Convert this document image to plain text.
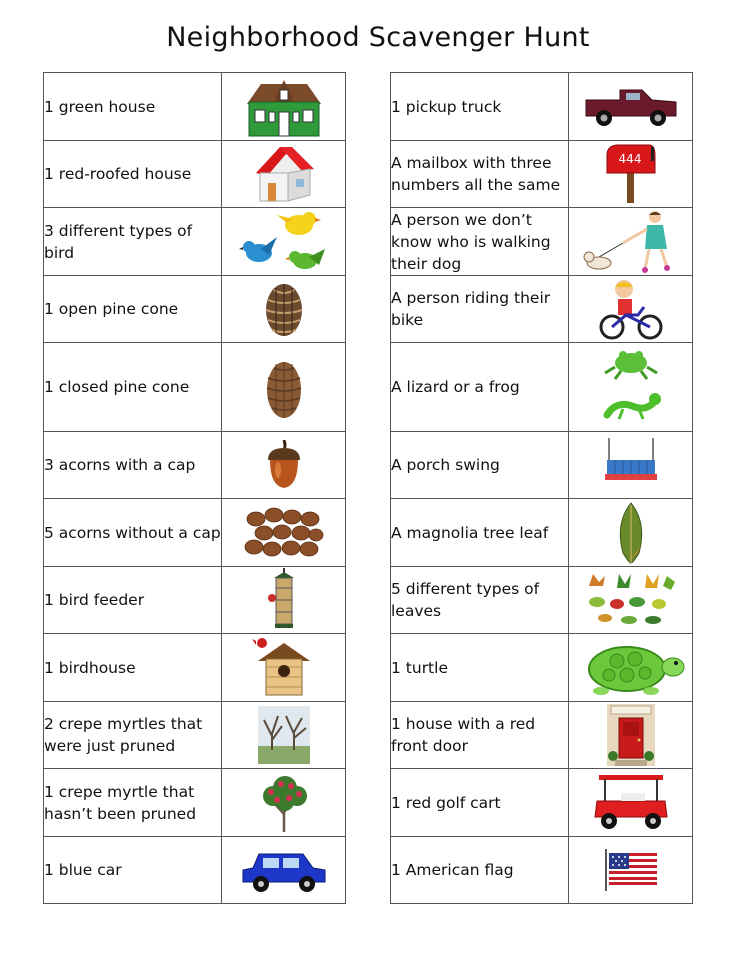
Neighborhood Scavenger Hunt
1 green house	

1 red-roofed house	

3 different types of bird	

1 open pine cone	

1 closed pine cone	

3 acorns with a cap	

5 acorns without a cap	

1 bird feeder	

1 birdhouse	

2 crepe myrtles that were just pruned	

1 crepe myrtle that hasn’t been pruned	

1 blue car	
1 pickup truck	

A mailbox with three numbers all the same	444

A person we don’t know who is walking their dog	

A person riding their bike	

A lizard or a frog	

A porch swing	

A magnolia tree leaf	

5 different types of leaves	

1 turtle	

1 house with a red front door	

1 red golf cart	

1 American flag	
